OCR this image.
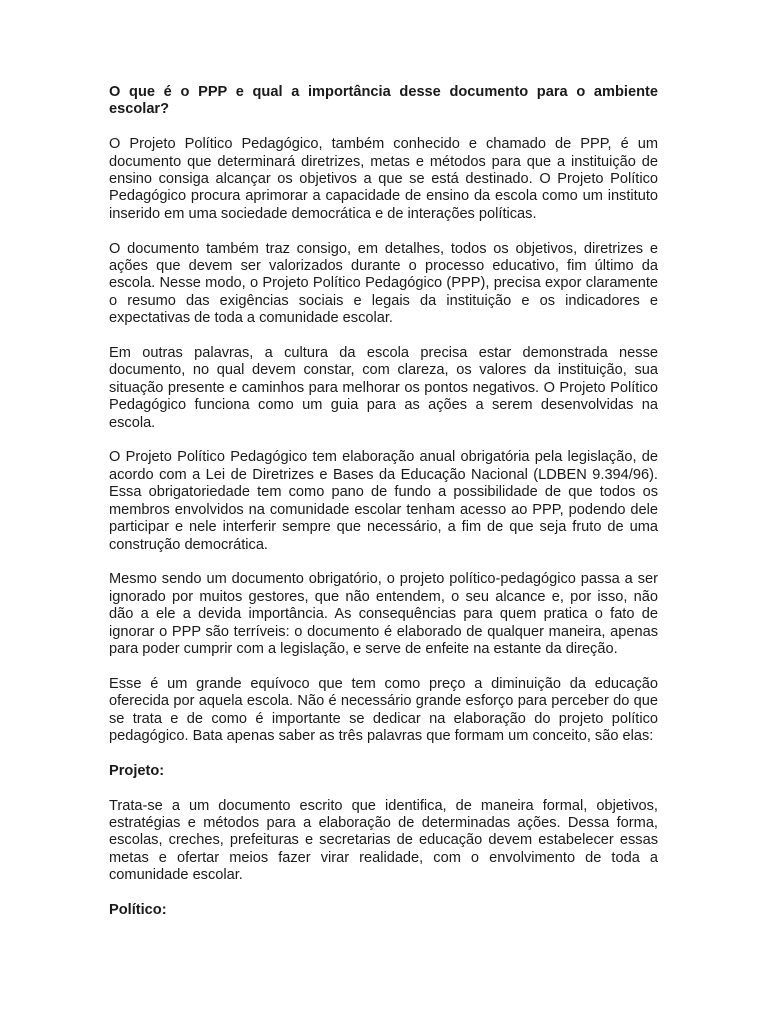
O que é o PPP e qual a importância desse documento para o ambiente escolar?

O Projeto Político Pedagógico, também conhecido e chamado de PPP, é um documento que determinará diretrizes, metas e métodos para que a instituição de ensino consiga alcançar os objetivos a que se está destinado. O Projeto Político Pedagógico procura aprimorar a capacidade de ensino da escola como um instituto inserido em uma sociedade democrática e de interações políticas.

O documento também traz consigo, em detalhes, todos os objetivos, diretrizes e ações que devem ser valorizados durante o processo educativo, fim último da escola. Nesse modo, o Projeto Político Pedagógico (PPP), precisa expor claramente o resumo das exigências sociais e legais da instituição e os indicadores e expectativas de toda a comunidade escolar.

Em outras palavras, a cultura da escola precisa estar demonstrada nesse documento, no qual devem constar, com clareza, os valores da instituição, sua situação presente e caminhos para melhorar os pontos negativos. O Projeto Político Pedagógico funciona como um guia para as ações a serem desenvolvidas na escola.

O Projeto Político Pedagógico tem elaboração anual obrigatória pela legislação, de acordo com a Lei de Diretrizes e Bases da Educação Nacional (LDBEN 9.394/96). Essa obrigatoriedade tem como pano de fundo a possibilidade de que todos os membros envolvidos na comunidade escolar tenham acesso ao PPP, podendo dele participar e nele interferir sempre que necessário, a fim de que seja fruto de uma construção democrática.

Mesmo sendo um documento obrigatório, o projeto político-pedagógico passa a ser ignorado por muitos gestores, que não entendem, o seu alcance e, por isso, não dão a ele a devida importância. As consequências para quem pratica o fato de ignorar o PPP são terríveis: o documento é elaborado de qualquer maneira, apenas para poder cumprir com a legislação, e serve de enfeite na estante da direção.

Esse é um grande equívoco que tem como preço a diminuição da educação oferecida por aquela escola. Não é necessário grande esforço para perceber do que se trata e de como é importante se dedicar na elaboração do projeto político pedagógico. Bata apenas saber as três palavras que formam um conceito, são elas:

Projeto:

Trata-se a um documento escrito que identifica, de maneira formal, objetivos, estratégias e métodos para a elaboração de determinadas ações. Dessa forma, escolas, creches, prefeituras e secretarias de educação devem estabelecer essas metas e ofertar meios fazer virar realidade, com o envolvimento de toda a comunidade escolar.

Político:
